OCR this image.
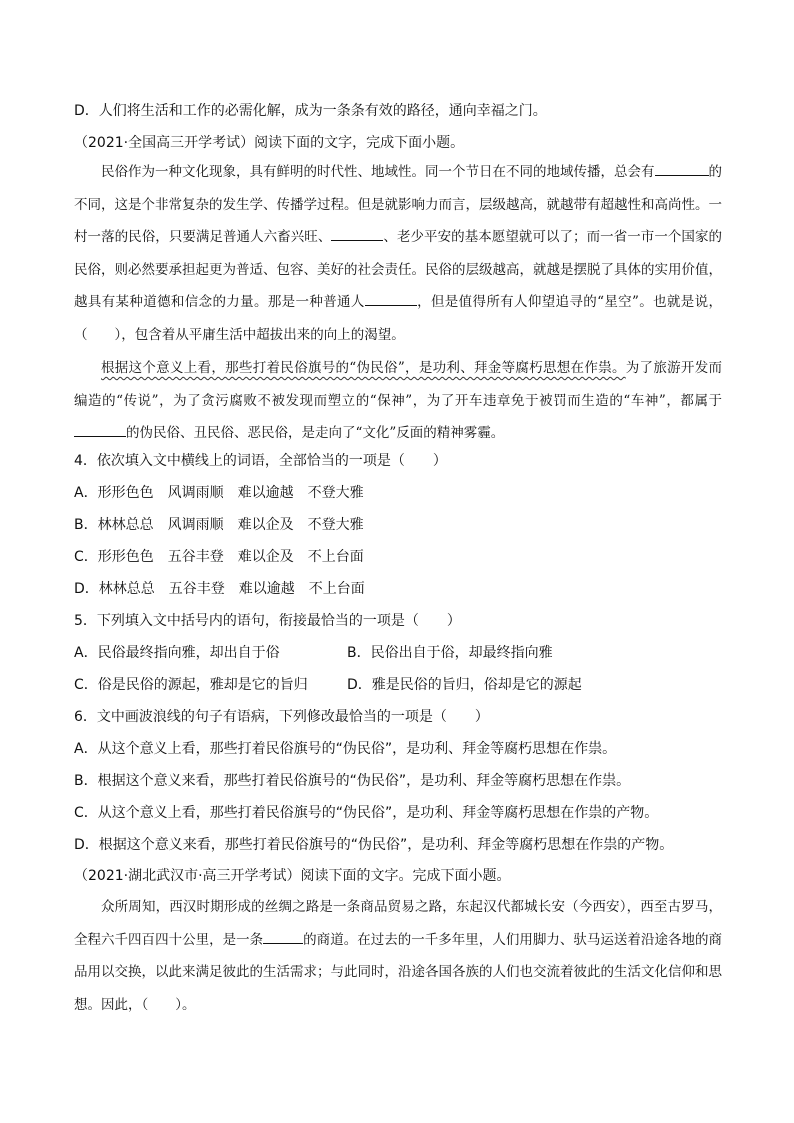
D．人们将生活和工作的必需化解，成为一条条有效的路径，通向幸福之门。
（2021·全国高三开学考试）阅读下面的文字，完成下面小题。

民俗作为一种文化现象，具有鲜明的时代性、地域性。同一个节日在不同的地域传播，总会有	的不同，这是个非常复杂的发生学、传播学过程。但是就影响力而言，层级越高，就越带有超越性和高尚性。一村一落的民俗，只要满足普通人六畜兴旺、	、老少平安的基本愿望就可以了；而一省一市一个国家的民俗，则必然要承担起更为普适、包容、美好的社会责任。民俗的层级越高，就越是摆脱了具体的实用价值，越具有某种道德和信念的力量。那是一种普通人	，但是值得所有人仰望追寻的“星空”。也就是说，（　　），包含着从平庸生活中超拔出来的向上的渴望。

根据这个意义上看，那些打着民俗旗号的“伪民俗”，是功利、拜金等腐朽思想在作祟。为了旅游开发而编造的“传说”，为了贪污腐败不被发现而塑立的“保神”，为了开车违章免于被罚而生造的“车神”，都属于的伪民俗、丑民俗、恶民俗，是走向了“文化”反面的精神雾霾。

4．依次填入文中横线上的词语，全部恰当的一项是（　　）
A．形形色色　风调雨顺　难以逾越　不登大雅
B．林林总总　风调雨顺　难以企及　不登大雅
C．形形色色　五谷丰登　难以企及　不上台面
D．林林总总　五谷丰登　难以逾越　不上台面
5．下列填入文中括号内的语句，衔接最恰当的一项是（　　）
A．民俗最终指向雅，却出自于俗	B．民俗出自于俗，却最终指向雅
C．俗是民俗的源起，雅却是它的旨归	D．雅是民俗的旨归，俗却是它的源起
6．文中画波浪线的句子有语病，下列修改最恰当的一项是（　　）
A．从这个意义上看，那些打着民俗旗号的“伪民俗”，是功利、拜金等腐朽思想在作祟。
B．根据这个意义来看，那些打着民俗旗号的“伪民俗”，是功利、拜金等腐朽思想在作祟。
C．从这个意义上看，那些打着民俗旗号的“伪民俗”，是功利、拜金等腐朽思想在作祟的产物。
D．根据这个意义来看，那些打着民俗旗号的“伪民俗”，是功利、拜金等腐朽思想在作祟的产物。
（2021·湖北武汉市·高三开学考试）阅读下面的文字。完成下面小题。

众所周知，西汉时期形成的丝绸之路是一条商品贸易之路，东起汉代都城长安（今西安），西至古罗马，全程六千四百四十公里，是一条	的商道。在过去的一千多年里，人们用脚力、驮马运送着沿途各地的商品用以交换，以此来满足彼此的生活需求；与此同时，沿途各国各族的人们也交流着彼此的生活文化信仰和思想。因此，（　　）。
